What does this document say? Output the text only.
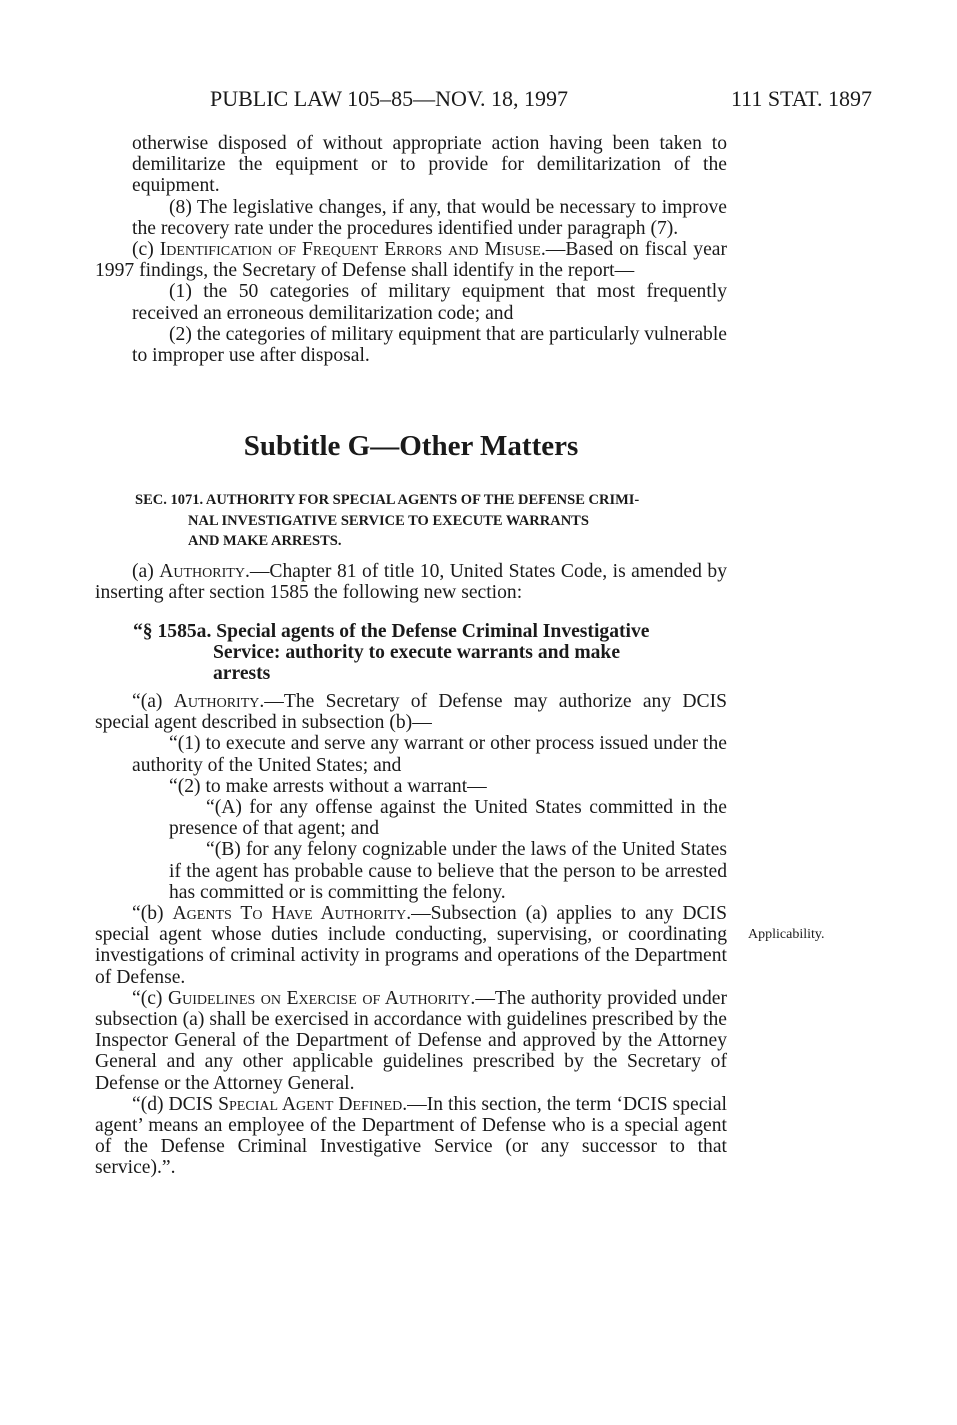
PUBLIC LAW 105–85—NOV. 18, 1997	111 STAT. 1897

otherwise disposed of without appropriate action having been taken to demilitarize the equipment or to provide for demilitarization of the equipment.

(8) The legislative changes, if any, that would be necessary to improve the recovery rate under the procedures identified under paragraph (7).

(c) Identification of Frequent Errors and Misuse.—Based on fiscal year 1997 findings, the Secretary of Defense shall identify in the report—

(1) the 50 categories of military equipment that most frequently received an erroneous demilitarization code; and

(2) the categories of military equipment that are particularly vulnerable to improper use after disposal.

Subtitle G—Other Matters
SEC. 1071. AUTHORITY FOR SPECIAL AGENTS OF THE DEFENSE CRIMI-
NAL INVESTIGATIVE SERVICE TO EXECUTE WARRANTS
AND MAKE ARRESTS.

(a) Authority.—Chapter 81 of title 10, United States Code, is amended by inserting after section 1585 the following new section:

“§ 1585a. Special agents of the Defense Criminal Investigative
Service: authority to execute warrants and make
arrests

“(a) Authority.—The Secretary of Defense may authorize any DCIS special agent described in subsection (b)—

“(1) to execute and serve any warrant or other process issued under the authority of the United States; and

“(2) to make arrests without a warrant—

“(A) for any offense against the United States committed in the presence of that agent; and

“(B) for any felony cognizable under the laws of the United States if the agent has probable cause to believe that the person to be arrested has committed or is committing the felony.

“(b) Agents To Have Authority.—Subsection (a) applies to any DCIS special agent whose duties include conducting, supervising, or coordinating investigations of criminal activity in programs and operations of the Department of Defense.

“(c) Guidelines on Exercise of Authority.—The authority provided under subsection (a) shall be exercised in accordance with guidelines prescribed by the Inspector General of the Department of Defense and approved by the Attorney General and any other applicable guidelines prescribed by the Secretary of Defense or the Attorney General.

“(d) DCIS Special Agent Defined.—In this section, the term ‘DCIS special agent’ means an employee of the Department of Defense who is a special agent of the Defense Criminal Investigative Service (or any successor to that service).”.

Applicability.
